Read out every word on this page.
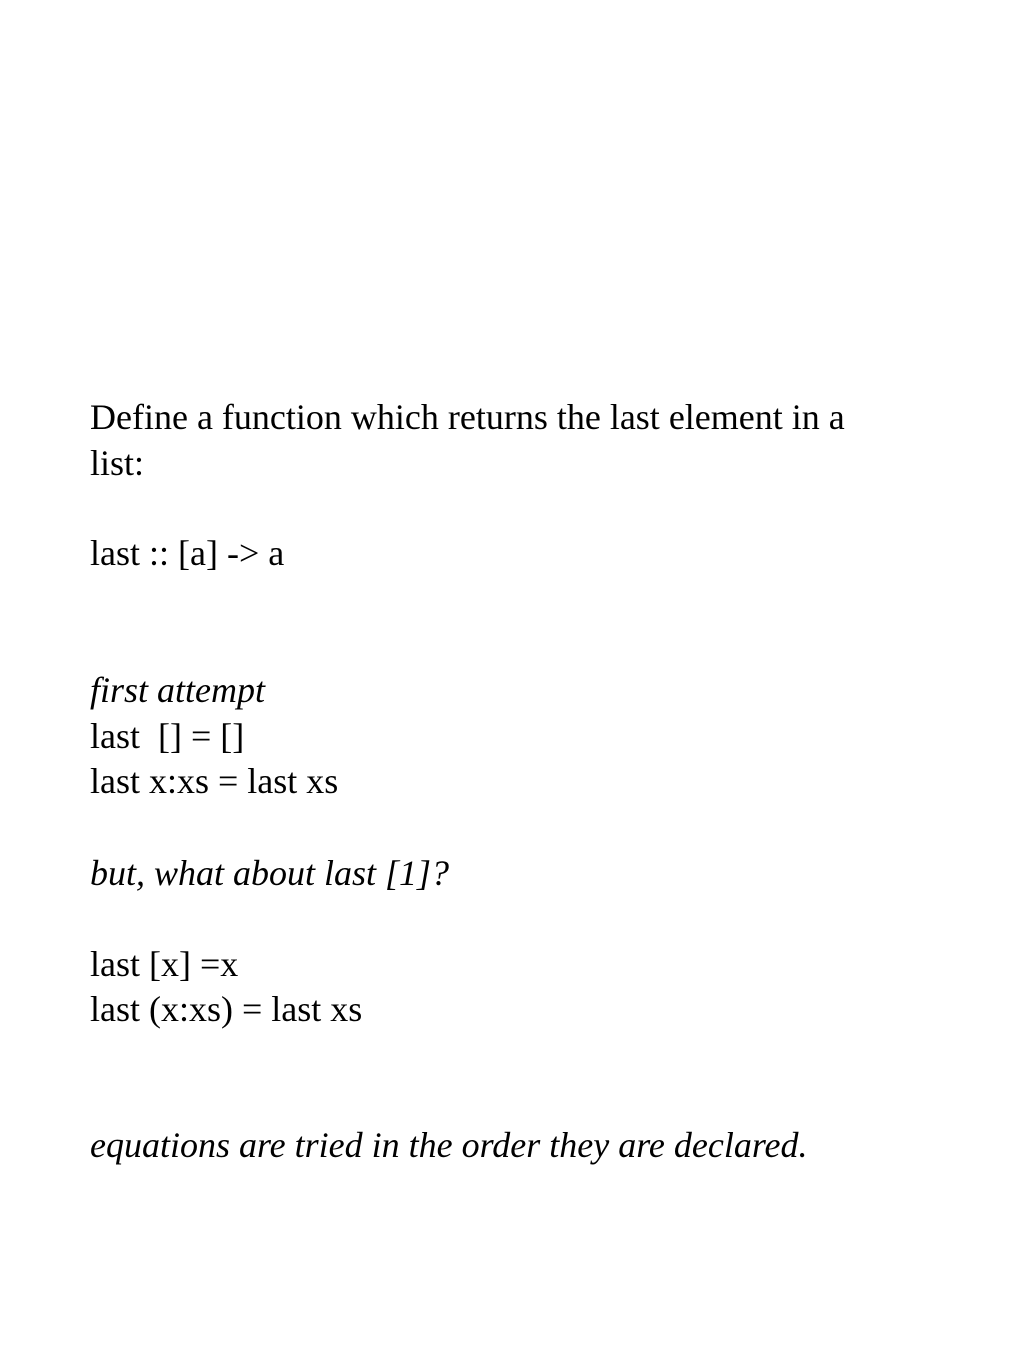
Define a function which returns the last element in a
list:
last :: [a] -> a
first attempt
last  [] = []
last x:xs = last xs
but, what about last [1]?
last [x] =x
last (x:xs) = last xs
equations are tried in the order they are declared.
